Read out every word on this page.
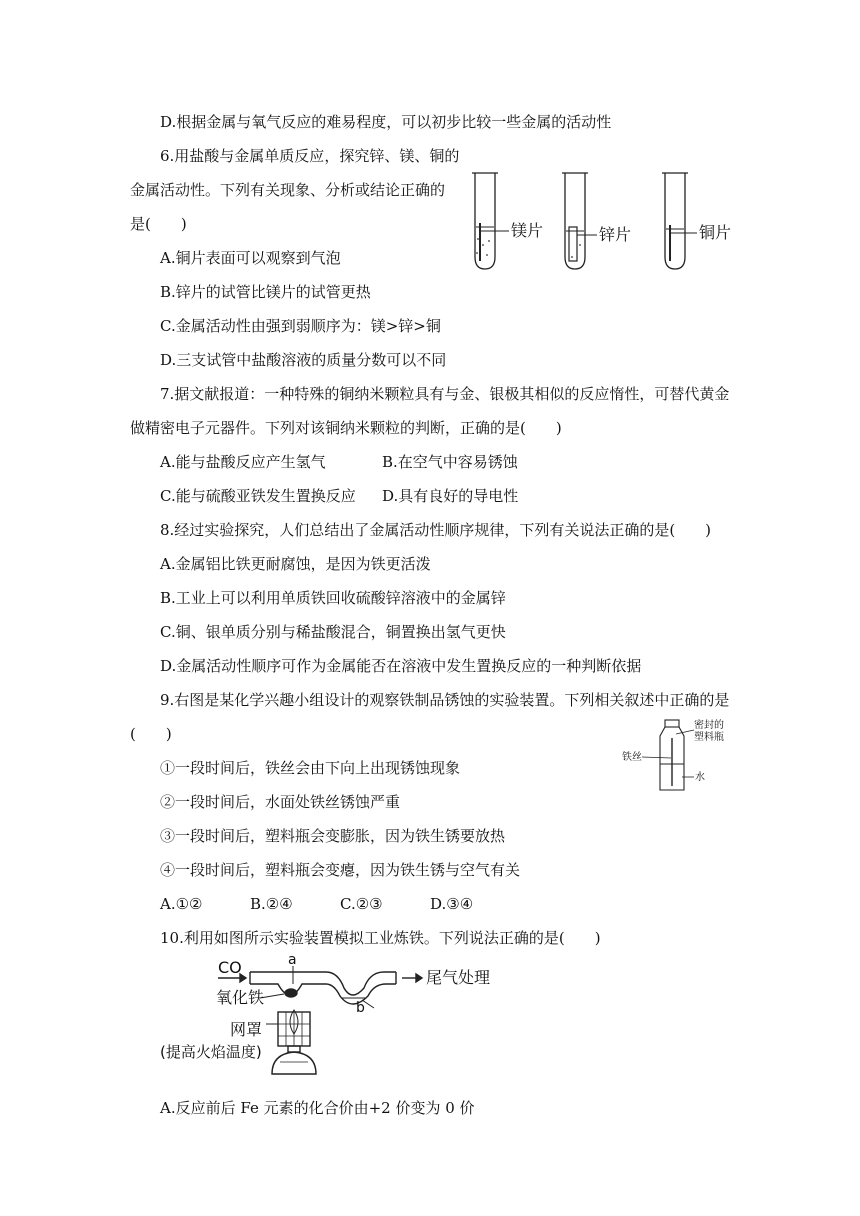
D.根据金属与氧气反应的难易程度，可以初步比较一些金属的活动性
6.用盐酸与金属单质反应，探究锌、镁、铜的
金属活动性。下列有关现象、分析或结论正确的
是(　　)
A.铜片表面可以观察到气泡
B.锌片的试管比镁片的试管更热
C.金属活动性由强到弱顺序为：镁>锌>铜
D.三支试管中盐酸溶液的质量分数可以不同
7.据文献报道：一种特殊的铜纳米颗粒具有与金、银极其相似的反应惰性，可替代黄金
做精密电子元器件。下列对该铜纳米颗粒的判断，正确的是(　　)
A.能与盐酸反应产生氢气	B.在空气中容易锈蚀
C.能与硫酸亚铁发生置换反应 D.具有良好的导电性
8.经过实验探究，人们总结出了金属活动性顺序规律，下列有关说法正确的是(　　)
A.金属铝比铁更耐腐蚀，是因为铁更活泼
B.工业上可以利用单质铁回收硫酸锌溶液中的金属锌
C.铜、银单质分别与稀盐酸混合，铜置换出氢气更快
D.金属活动性顺序可作为金属能否在溶液中发生置换反应的一种判断依据
9.右图是某化学兴趣小组设计的观察铁制品锈蚀的实验装置。下列相关叙述中正确的是
(　　)
①一段时间后，铁丝会由下向上出现锈蚀现象
②一段时间后，水面处铁丝锈蚀严重
③一段时间后，塑料瓶会变膨胀，因为铁生锈要放热
④一段时间后，塑料瓶会变瘪，因为铁生锈与空气有关
A.①②	B.②④	C.②③	D.③④
10.利用如图所示实验装置模拟工业炼铁。下列说法正确的是(　　)
A.反应前后 Fe 元素的化合价由+2 价变为 0 价
镁片	锌片	铜片
密封的
塑料瓶
铁丝
水
CO	a
b
尾气处理
氧化铁
网罩
(提高火焰温度)
